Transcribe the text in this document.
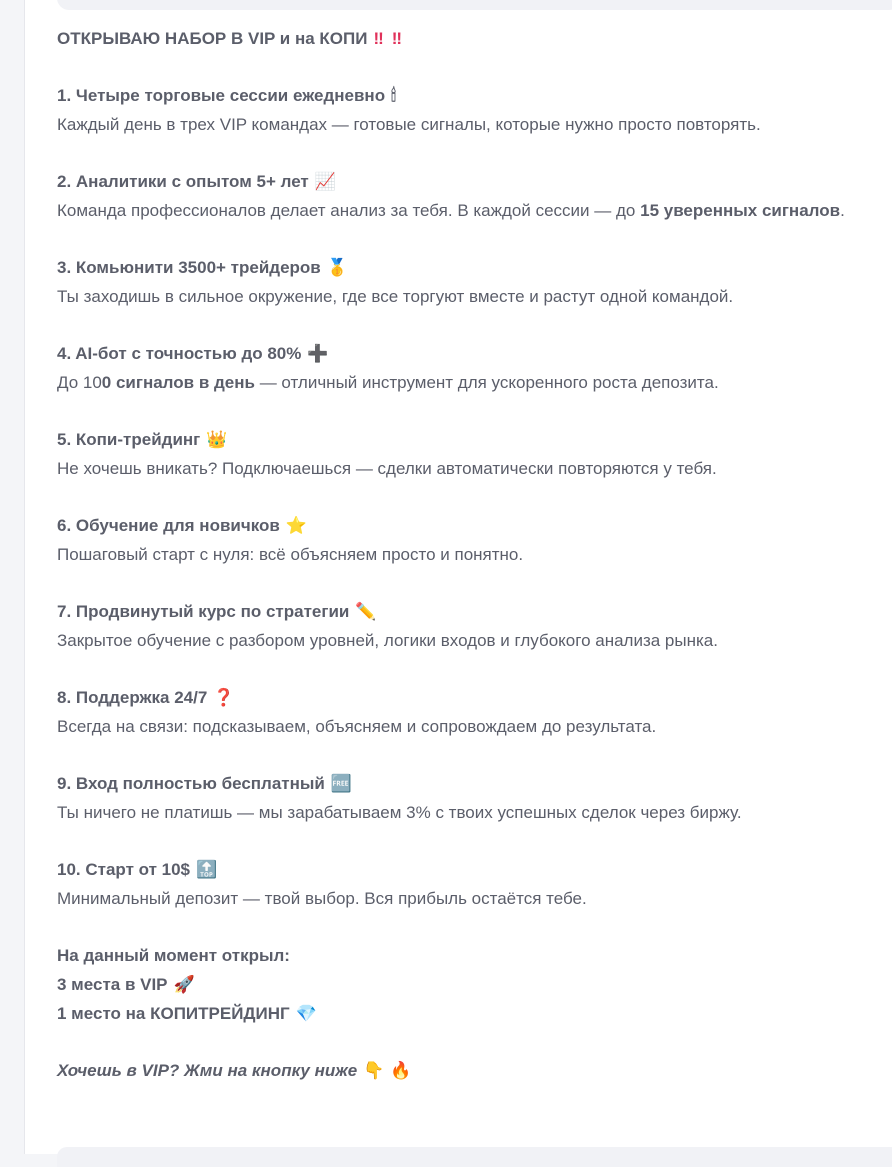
ОТКРЫВАЮ НАБОР В VIP и на КОПИ ‼ ‼

1. Четыре торговые сессии ежедневно 🕯

Каждый день в трех VIP командах — готовые сигналы, которые нужно просто повторять.

2. Аналитики с опытом 5+ лет 📈

Команда профессионалов делает анализ за тебя. В каждой сессии — до 15 уверенных сигналов.

3. Комьюнити 3500+ трейдеров 🥇

Ты заходишь в сильное окружение, где все торгуют вместе и растут одной командой.

4. AI-бот с точностью до 80% ➕

До 100 сигналов в день — отличный инструмент для ускоренного роста депозита.

5. Копи-трейдинг 👑

Не хочешь вникать? Подключаешься — сделки автоматически повторяются у тебя.

6. Обучение для новичков ⭐

Пошаговый старт с нуля: всё объясняем просто и понятно.

7. Продвинутый курс по стратегии ✏️

Закрытое обучение с разбором уровней, логики входов и глубокого анализа рынка.

8. Поддержка 24/7 ❓

Всегда на связи: подсказываем, объясняем и сопровождаем до результата.

9. Вход полностью бесплатный 🆓

Ты ничего не платишь — мы зарабатываем 3% с твоих успешных сделок через биржу.

10. Старт от 10$ 🔝

Минимальный депозит — твой выбор. Вся прибыль остаётся тебе.

На данный момент открыл:

3 места в VIP 🚀

1 место на КОПИТРЕЙДИНГ 💎

Хочешь в VIP? Жми на кнопку ниже 👇 🔥
